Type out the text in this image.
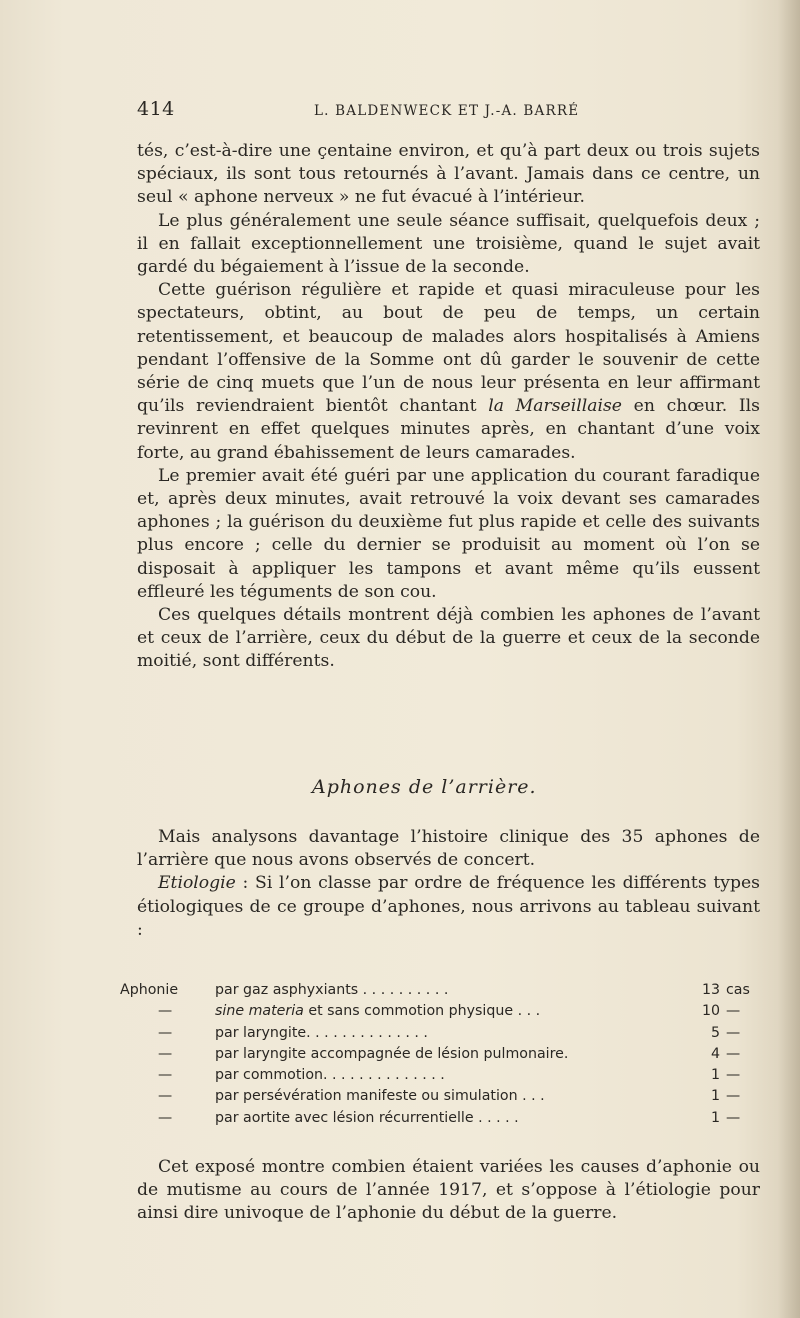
414	L. BALDENWECK ET J.-A. BARRÉ

tés, c’est-à-dire une çentaine environ, et qu’à part deux ou trois sujets spéciaux, ils sont tous retournés à l’avant. Jamais dans ce centre, un seul « aphone nerveux » ne fut évacué à l’intérieur.

Le plus généralement une seule séance suffisait, quelquefois deux ; il en fallait exceptionnellement une troisième, quand le sujet avait gardé du bégaiement à l’issue de la seconde.

Cette guérison régulière et rapide et quasi miraculeuse pour les spectateurs, obtint, au bout de peu de temps, un certain retentissement, et beaucoup de malades alors hospitalisés à Amiens pendant l’offensive de la Somme ont dû garder le souvenir de cette série de cinq muets que l’un de nous leur présenta en leur affirmant qu’ils reviendraient bientôt chantant la Marseillaise en chœur. Ils revinrent en effet quelques minutes après, en chantant d’une voix forte, au grand ébahissement de leurs camarades.

Le premier avait été guéri par une application du courant faradique et, après deux minutes, avait retrouvé la voix devant ses camarades aphones ; la guérison du deuxième fut plus rapide et celle des suivants plus encore ; celle du dernier se produisit au moment où l’on se disposait à appliquer les tampons et avant même qu’ils eussent effleuré les téguments de son cou.

Ces quelques détails montrent déjà combien les aphones de l’avant et ceux de l’arrière, ceux du début de la guerre et ceux de la seconde moitié, sont différents.

Aphones de l’arrière.

Mais analysons davantage l’histoire clinique des 35 aphones de l’arrière que nous avons observés de concert.

Etiologie : Si l’on classe par ordre de fréquence les différents types étiologiques de ce groupe d’aphones, nous arrivons au tableau suivant :

Aphonie	par gaz asphyxiants . . . . . . . . . .	13 cas
—	sine materia et sans commotion physique . . .	10 —
—	par laryngite. . . . . . . . . . . . . .	5 —
—	par laryngite accompagnée de lésion pulmonaire.	4 —
—	par commotion. . . . . . . . . . . . . .	1 —
—	par persévération manifeste ou simulation . . .	1 —
—	par aortite avec lésion récurrentielle . . . . .	1 —

Cet exposé montre combien étaient variées les causes d’aphonie ou de mutisme au cours de l’année 1917, et s’oppose à l’étiologie pour ainsi dire univoque de l’aphonie du début de la guerre.
